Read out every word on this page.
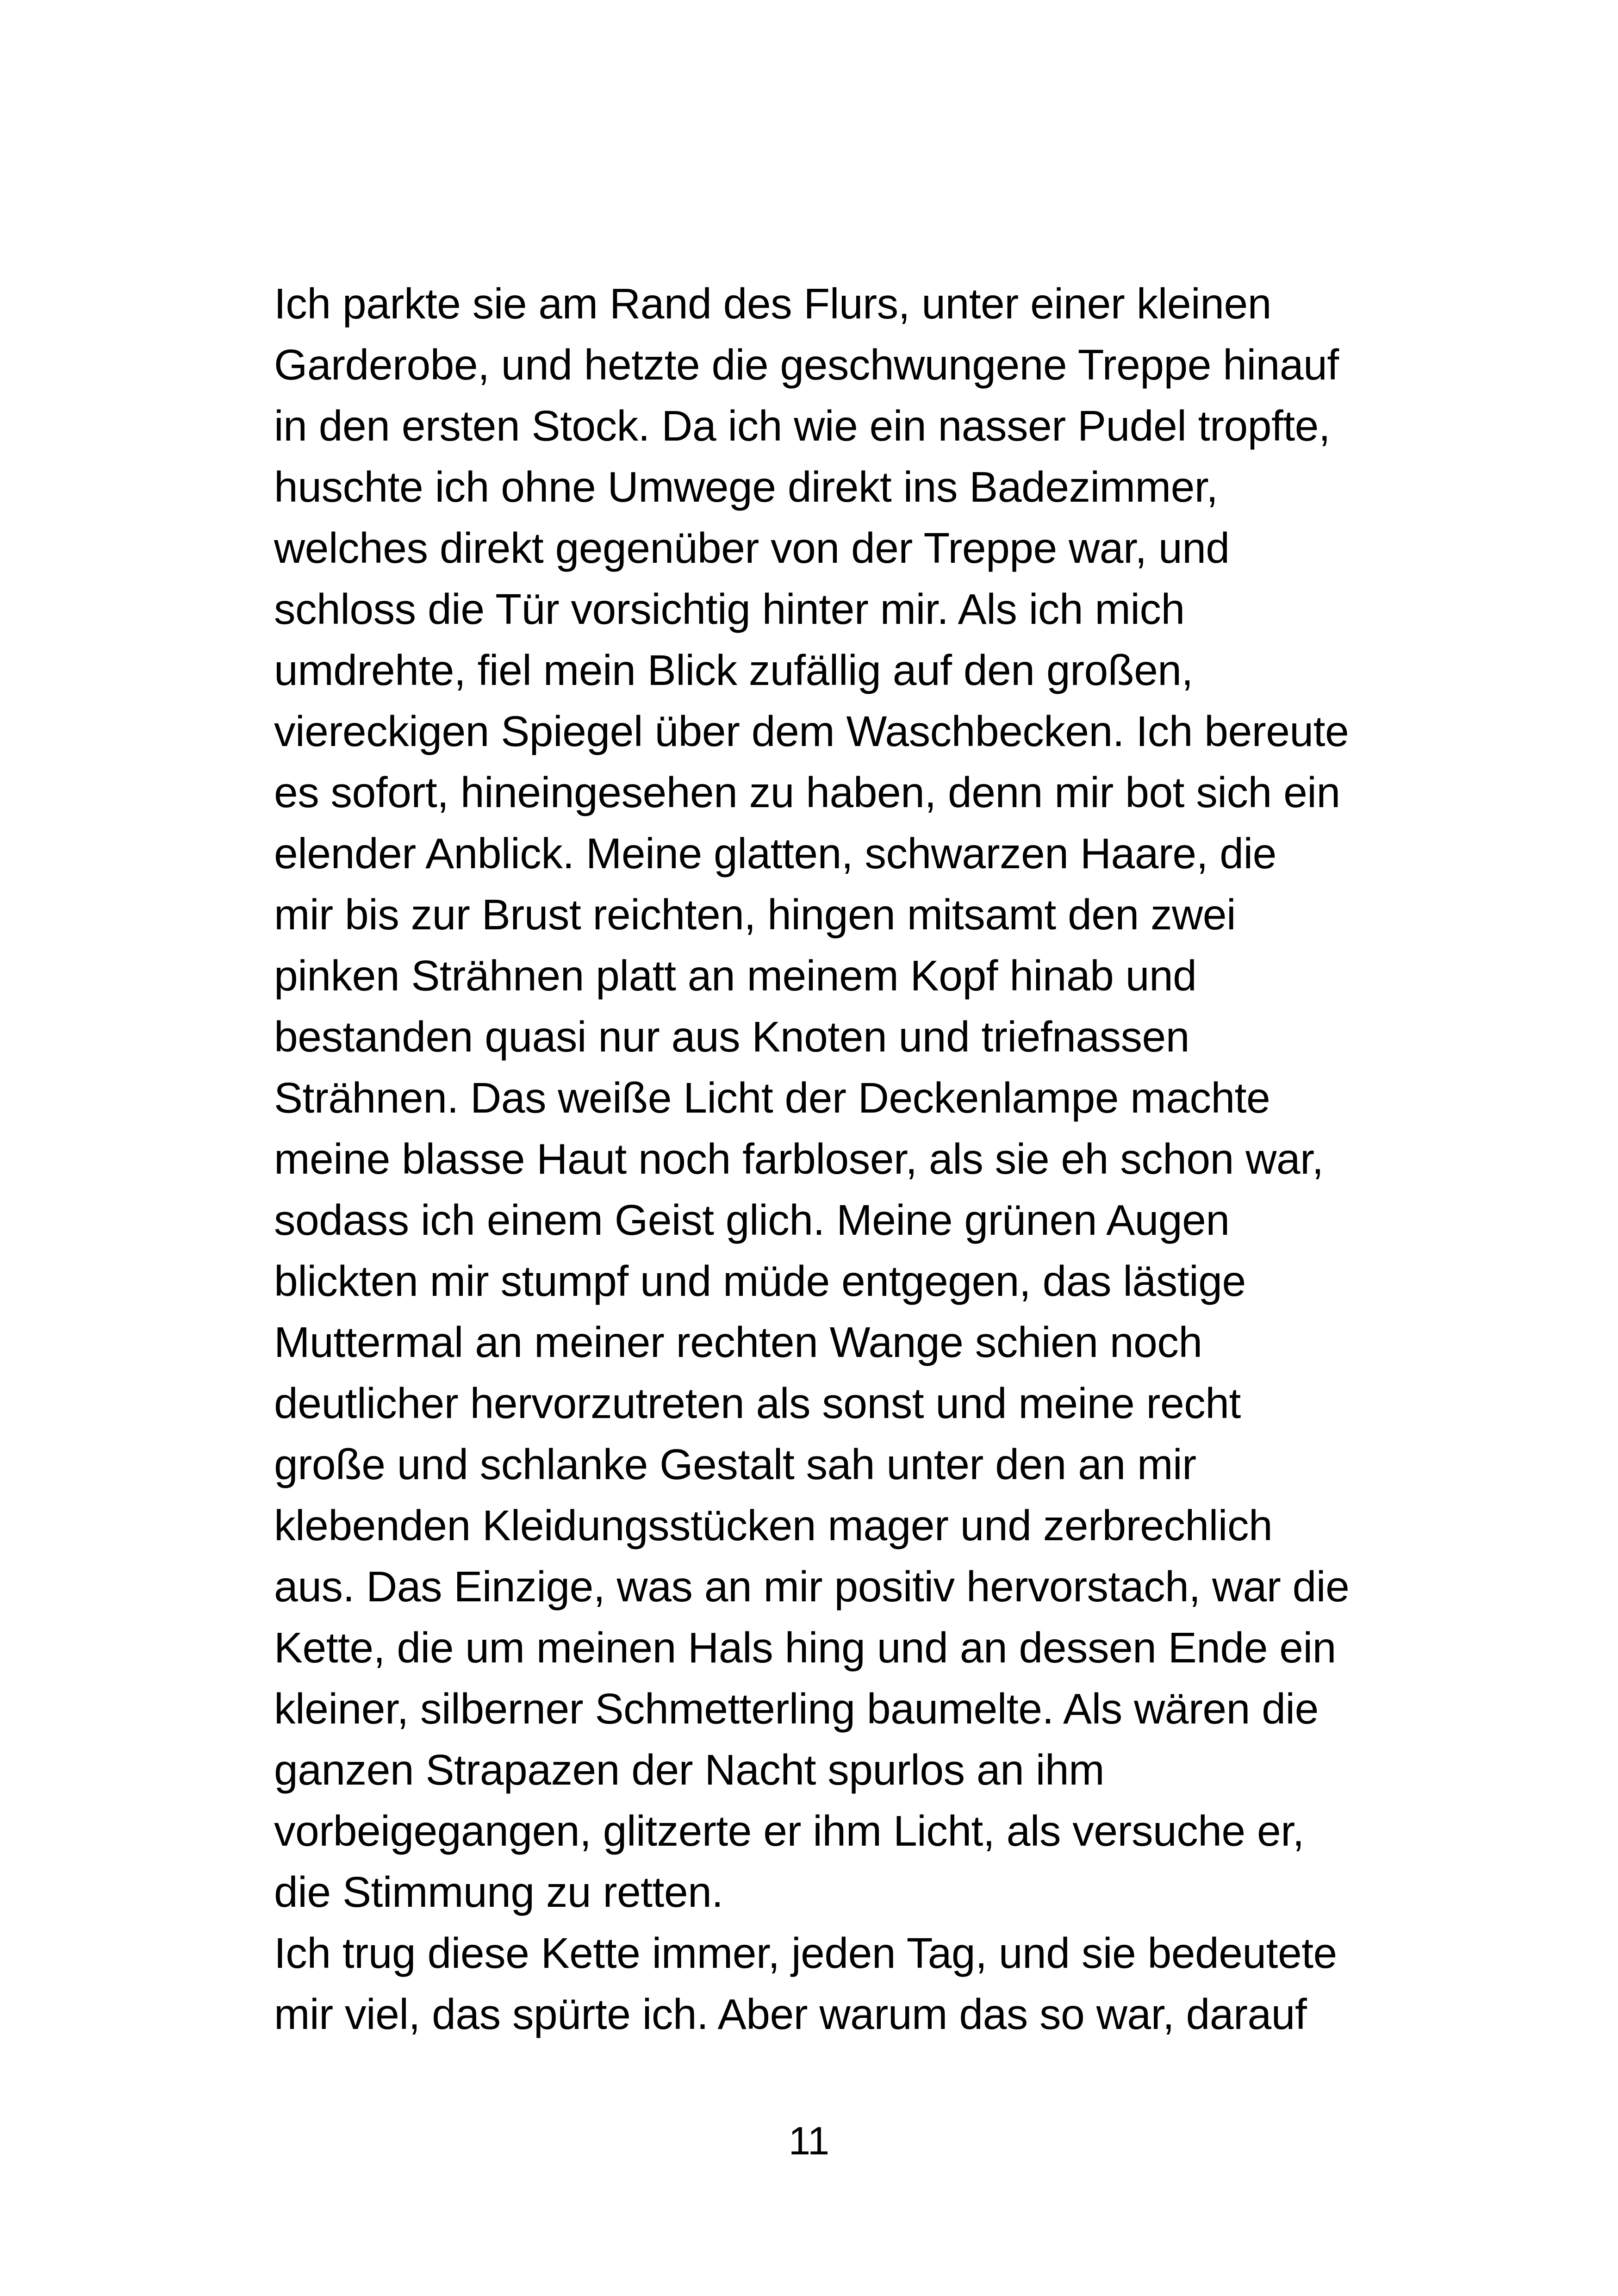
Ich parkte sie am Rand des Flurs, unter einer kleinen
Garderobe, und hetzte die geschwungene Treppe hinauf
in den ersten Stock. Da ich wie ein nasser Pudel tropfte,
huschte ich ohne Umwege direkt ins Badezimmer,
welches direkt gegenüber von der Treppe war, und
schloss die Tür vorsichtig hinter mir. Als ich mich
umdrehte, fiel mein Blick zufällig auf den großen,
viereckigen Spiegel über dem Waschbecken. Ich bereute
es sofort, hineingesehen zu haben, denn mir bot sich ein
elender Anblick. Meine glatten, schwarzen Haare, die
mir bis zur Brust reichten, hingen mitsamt den zwei
pinken Strähnen platt an meinem Kopf hinab und
bestanden quasi nur aus Knoten und triefnassen
Strähnen. Das weiße Licht der Deckenlampe machte
meine blasse Haut noch farbloser, als sie eh schon war,
sodass ich einem Geist glich. Meine grünen Augen
blickten mir stumpf und müde entgegen, das lästige
Muttermal an meiner rechten Wange schien noch
deutlicher hervorzutreten als sonst und meine recht
große und schlanke Gestalt sah unter den an mir
klebenden Kleidungsstücken mager und zerbrechlich
aus. Das Einzige, was an mir positiv hervorstach, war die
Kette, die um meinen Hals hing und an dessen Ende ein
kleiner, silberner Schmetterling baumelte. Als wären die
ganzen Strapazen der Nacht spurlos an ihm
vorbeigegangen, glitzerte er ihm Licht, als versuche er,
die Stimmung zu retten.
Ich trug diese Kette immer, jeden Tag, und sie bedeutete
mir viel, das spürte ich. Aber warum das so war, darauf
11
